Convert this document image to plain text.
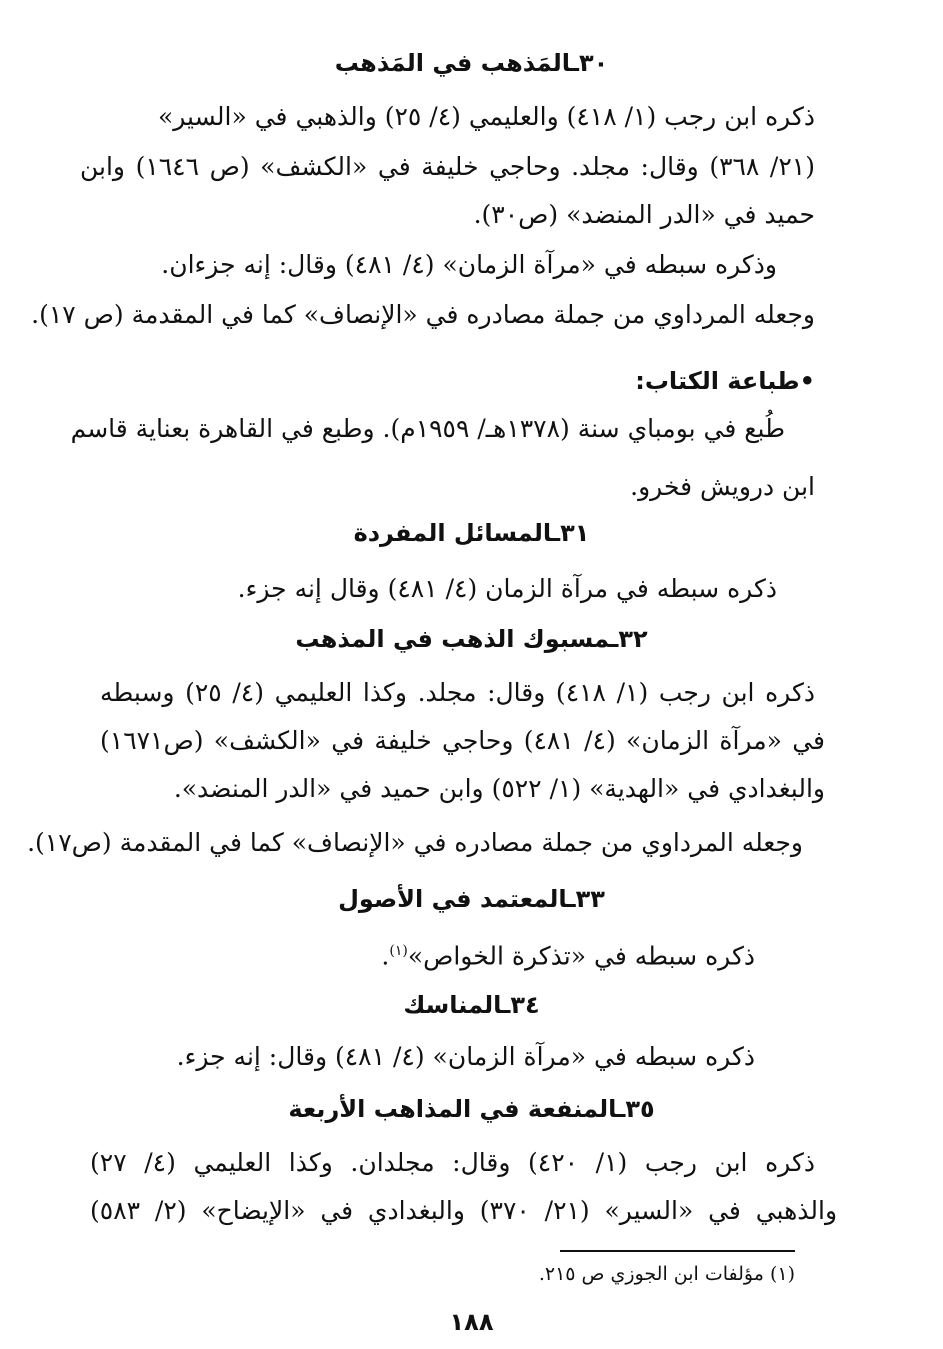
٣٠ـالمَذهب في المَذهب
ذكره ابن رجب (١/ ٤١٨) والعليمي (٤/ ٢٥) والذهبي في «السير»
(٢١/ ٣٦٨) وقال: مجلد. وحاجي خليفة في «الكشف» (ص ١٦٤٦) وابن
حميد في «الدر المنضد» (ص٣٠).
وذكره سبطه في «مرآة الزمان» (٤/ ٤٨١) وقال: إنه جزءان.
وجعله المرداوي من جملة مصادره في «الإنصاف» كما في المقدمة (ص ١٧).
•طباعة الكتاب:
طُبع في بومباي سنة (١٣٧٨هـ/ ١٩٥٩م). وطبع في القاهرة بعناية قاسم
ابن درويش فخرو.
٣١ـالمسائل المفردة
ذكره سبطه في مرآة الزمان (٤/ ٤٨١) وقال إنه جزء.
٣٢ـمسبوك الذهب في المذهب
ذكره ابن رجب (١/ ٤١٨) وقال: مجلد. وكذا العليمي (٤/ ٢٥) وسبطه
في «مرآة الزمان» (٤/ ٤٨١) وحاجي خليفة في «الكشف» (ص١٦٧١)
والبغدادي في «الهدية» (١/ ٥٢٢) وابن حميد في «الدر المنضد».
وجعله المرداوي من جملة مصادره في «الإنصاف» كما في المقدمة (ص١٧).
٣٣ـالمعتمد في الأصول
ذكره سبطه في «تذكرة الخواص»$^{(١)}$.
٣٤ـالمناسك
ذكره سبطه في «مرآة الزمان» (٤/ ٤٨١) وقال: إنه جزء.
٣٥ـالمنفعة في المذاهب الأربعة
ذكره ابن رجب (١/ ٤٢٠) وقال: مجلدان. وكذا العليمي (٤/ ٢٧)
والذهبي في «السير» (٢١/ ٣٧٠) والبغدادي في «الإيضاح» (٢/ ٥٨٣)
(١) مؤلفات ابن الجوزي ص ٢١٥.
١٨٨
